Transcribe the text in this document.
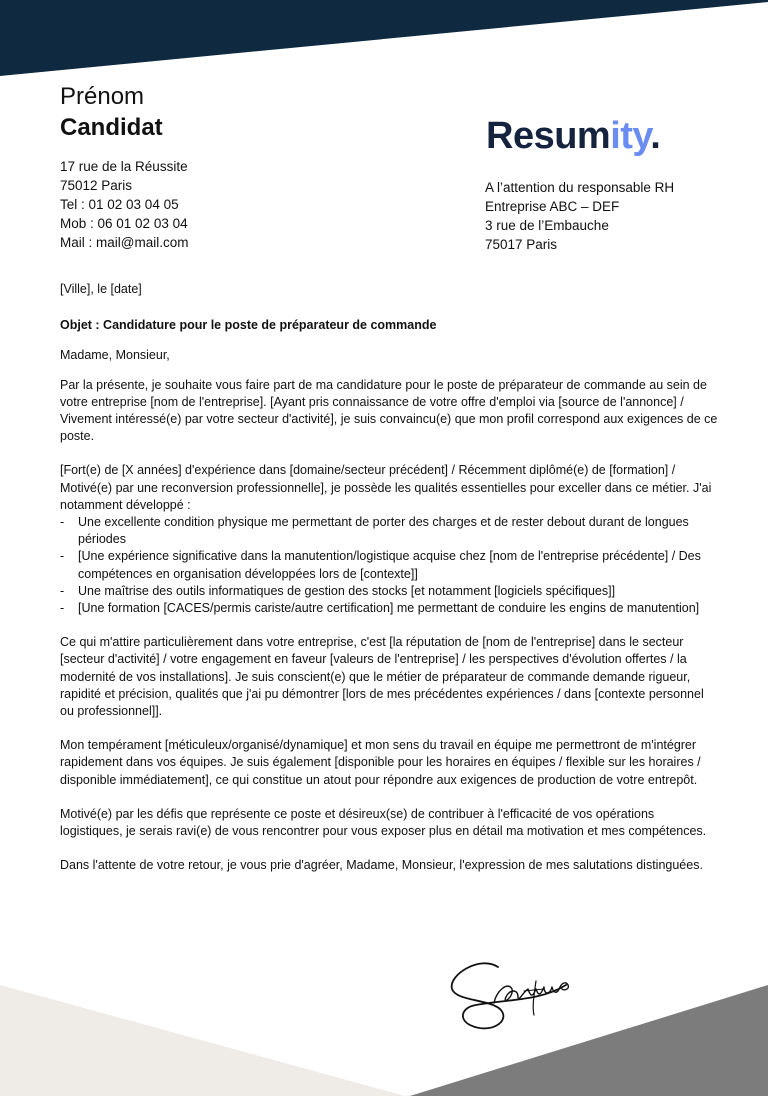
Prénom
Candidat	Resumity.
17 rue de la Réussite
75012 Paris
Tel : 01 02 03 04 05
Mob : 06 01 02 03 04
Mail : mail@mail.com
A l’attention du responsable RH
Entreprise ABC – DEF
3 rue de l’Embauche
75017 Paris

[Ville], le [date]

Objet : Candidature pour le poste de préparateur de commande

Madame, Monsieur,

Par la présente, je souhaite vous faire part de ma candidature pour le poste de préparateur de commande au sein de votre entreprise [nom de l'entreprise]. [Ayant pris connaissance de votre offre d'emploi via [source de l'annonce] / Vivement intéressé(e) par votre secteur d'activité], je suis convaincu(e) que mon profil correspond aux exigences de ce poste.

[Fort(e) de [X années] d'expérience dans [domaine/secteur précédent] / Récemment diplômé(e) de [formation] / Motivé(e) par une reconversion professionnelle], je possède les qualités essentielles pour exceller dans ce métier. J'ai notamment développé :

- Une excellente condition physique me permettant de porter des charges et de rester debout durant de longues périodes
- [Une expérience significative dans la manutention/logistique acquise chez [nom de l'entreprise précédente] / Des compétences en organisation développées lors de [contexte]]
- Une maîtrise des outils informatiques de gestion des stocks [et notamment [logiciels spécifiques]]
- [Une formation [CACES/permis cariste/autre certification] me permettant de conduire les engins de manutention]

Ce qui m'attire particulièrement dans votre entreprise, c'est [la réputation de [nom de l'entreprise] dans le secteur [secteur d'activité] / votre engagement en faveur [valeurs de l'entreprise] / les perspectives d'évolution offertes / la modernité de vos installations]. Je suis conscient(e) que le métier de préparateur de commande demande rigueur, rapidité et précision, qualités que j'ai pu démontrer [lors de mes précédentes expériences / dans [contexte personnel ou professionnel]].

Mon tempérament [méticuleux/organisé/dynamique] et mon sens du travail en équipe me permettront de m'intégrer rapidement dans vos équipes. Je suis également [disponible pour les horaires en équipes / flexible sur les horaires / disponible immédiatement], ce qui constitue un atout pour répondre aux exigences de production de votre entrepôt.

Motivé(e) par les défis que représente ce poste et désireux(se) de contribuer à l'efficacité de vos opérations logistiques, je serais ravi(e) de vous rencontrer pour vous exposer plus en détail ma motivation et mes compétences.

Dans l'attente de votre retour, je vous prie d'agréer, Madame, Monsieur, l'expression de mes salutations distinguées.
